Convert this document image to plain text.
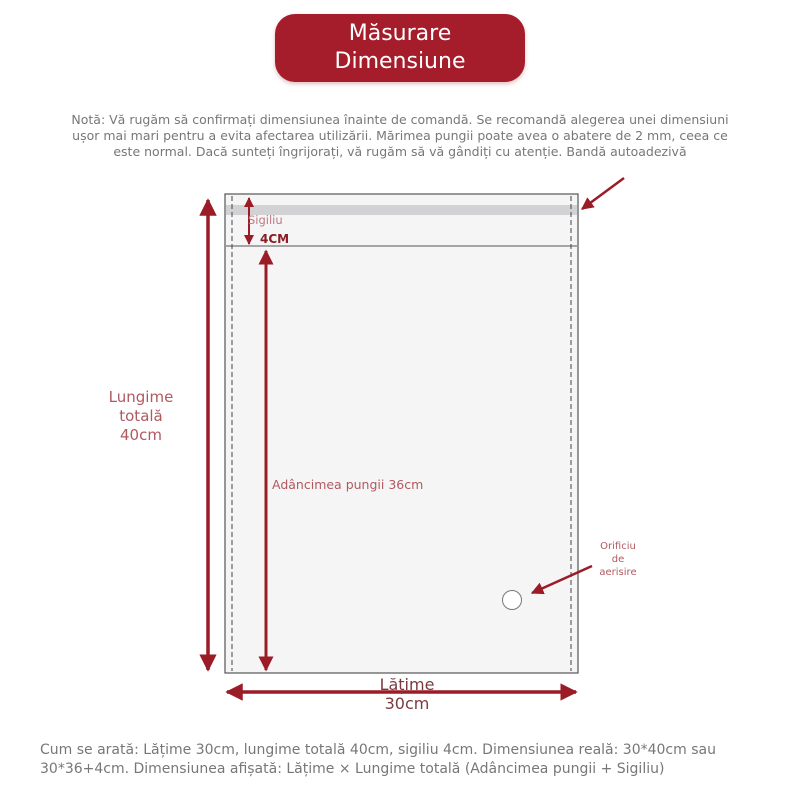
Măsurare
Dimensiune
Notă: Vă rugăm să confirmați dimensiunea înainte de comandă. Se recomandă alegerea unei dimensiuni ușor mai mari pentru a evita afectarea utilizării. Mărimea pungii poate avea o abatere de 2 mm, ceea ce este normal. Dacă sunteți îngrijorați, vă rugăm să vă gândiți cu atenție. Bandă autoadezivă
Lungime totală 40cm
Sigiliu
4CM
Adâncimea pungii 36cm
Orificiu de aerisire
Lățime
30cm
Cum se arată: Lățime 30cm, lungime totală 40cm, sigiliu 4cm. Dimensiunea reală: 30*40cm sau 30*36+4cm. Dimensiunea afișată: Lățime × Lungime totală (Adâncimea pungii + Sigiliu)
